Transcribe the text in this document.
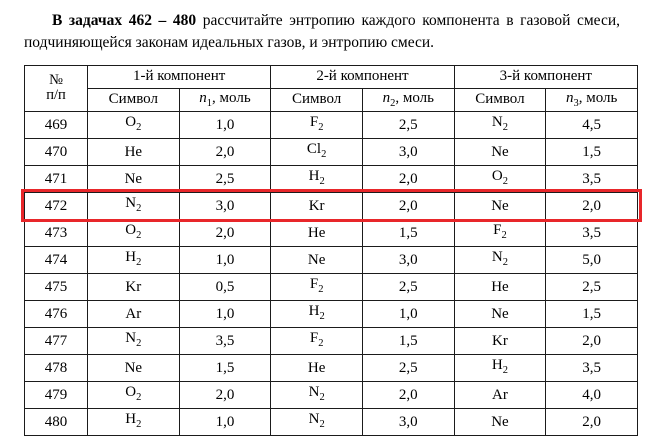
В задачах 462 – 480 рассчитайте энтропию каждого компонента в газовой смеси, подчиняющейся законам идеальных газов, и энтропию смеси.

№
п/п	1-й компонент		2-й компонент		3-й компонент	
	Символ	$n_1$, моль	Символ	$n_2$, моль	Символ	$n_3$, моль

469	$O_2$	1,0	$F_2$	2,5	$N_2$	4,5

470	He	2,0	$Cl_2$	3,0	Ne	1,5

471	Ne	2,5	$H_2$	2,0	$O_2$	3,5

472	$N_2$	3,0	Kr	2,0	Ne	2,0

473	$O_2$	2,0	He	1,5	$F_2$	3,5

474	$H_2$	1,0	Ne	3,0	$N_2$	5,0

475	Kr	0,5	$F_2$	2,5	He	2,5

476	Ar	1,0	$H_2$	1,0	Ne	1,5

477	$N_2$	3,5	$F_2$	1,5	Kr	2,0

478	Ne	1,5	He	2,5	$H_2$	3,5

479	$O_2$	2,0	$N_2$	2,0	Ar	4,0

480	$H_2$	1,0	$N_2$	3,0	Ne	2,0
